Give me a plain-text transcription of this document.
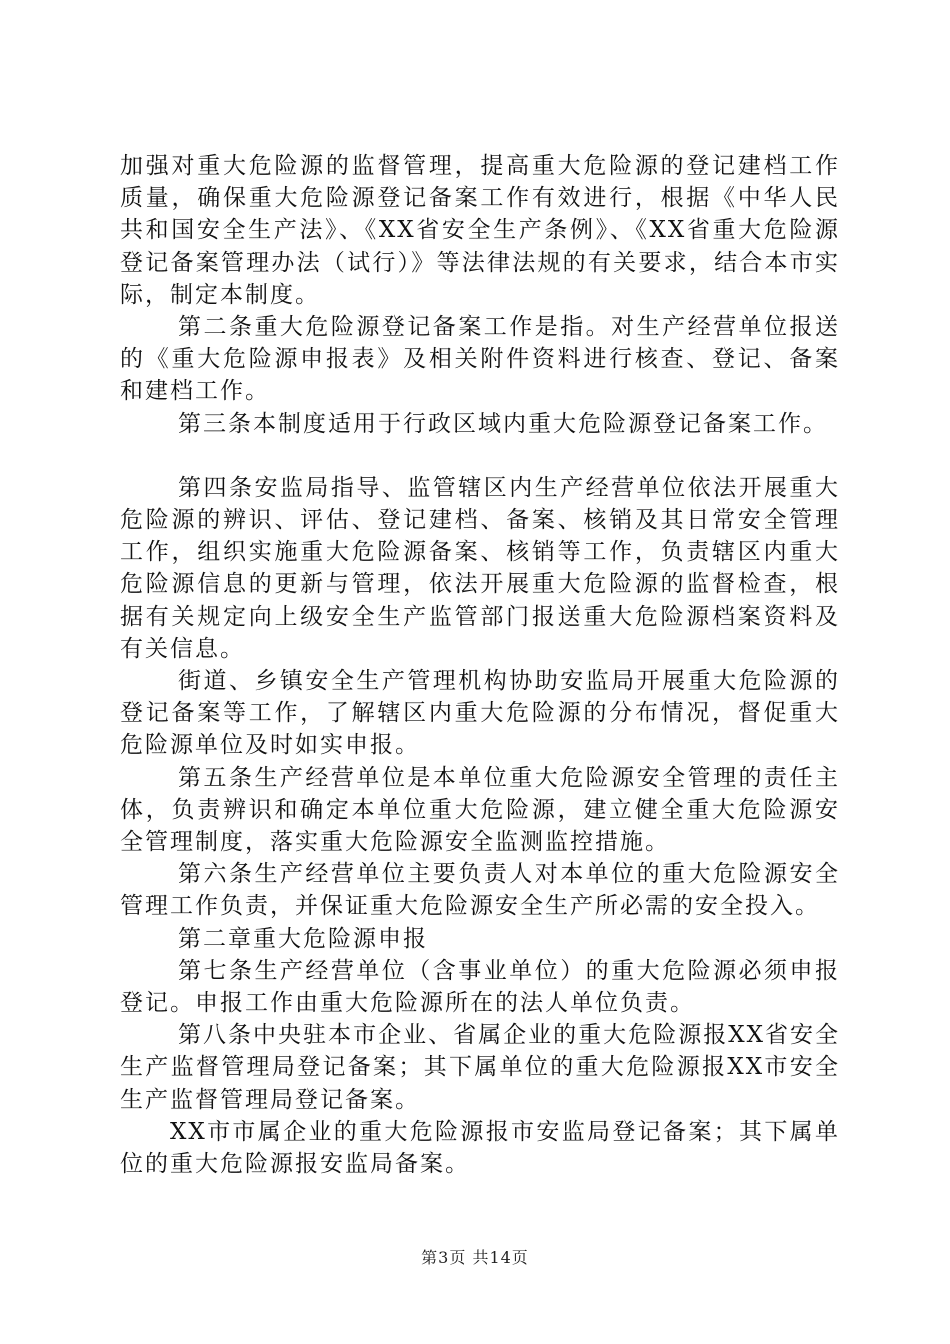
加强对重大危险源的监督管理，提高重大危险源的登记建档工作质量，确保重大危险源登记备案工作有效进行，根据《中华人民共和国安全生产法》、《XX省安全生产条例》、《XX省重大危险源登记备案管理办法（试行）》等法律法规的有关要求，结合本市实际，制定本制度。

第二条重大危险源登记备案工作是指。对生产经营单位报送的《重大危险源申报表》及相关附件资料进行核查、登记、备案和建档工作。

第三条本制度适用于行政区域内重大危险源登记备案工作。

第四条安监局指导、监管辖区内生产经营单位依法开展重大危险源的辨识、评估、登记建档、备案、核销及其日常安全管理工作，组织实施重大危险源备案、核销等工作，负责辖区内重大危险源信息的更新与管理，依法开展重大危险源的监督检查，根据有关规定向上级安全生产监管部门报送重大危险源档案资料及有关信息。

街道、乡镇安全生产管理机构协助安监局开展重大危险源的登记备案等工作，了解辖区内重大危险源的分布情况，督促重大危险源单位及时如实申报。

第五条生产经营单位是本单位重大危险源安全管理的责任主体，负责辨识和确定本单位重大危险源，建立健全重大危险源安全管理制度，落实重大危险源安全监测监控措施。

第六条生产经营单位主要负责人对本单位的重大危险源安全管理工作负责，并保证重大危险源安全生产所必需的安全投入。

第二章重大危险源申报

第七条生产经营单位（含事业单位）的重大危险源必须申报登记。申报工作由重大危险源所在的法人单位负责。

第八条中央驻本市企业、省属企业的重大危险源报XX省安全生产监督管理局登记备案；其下属单位的重大危险源报XX市安全生产监督管理局登记备案。

XX市市属企业的重大危险源报市安监局登记备案；其下属单位的重大危险源报安监局备案。

第3页 共14页
